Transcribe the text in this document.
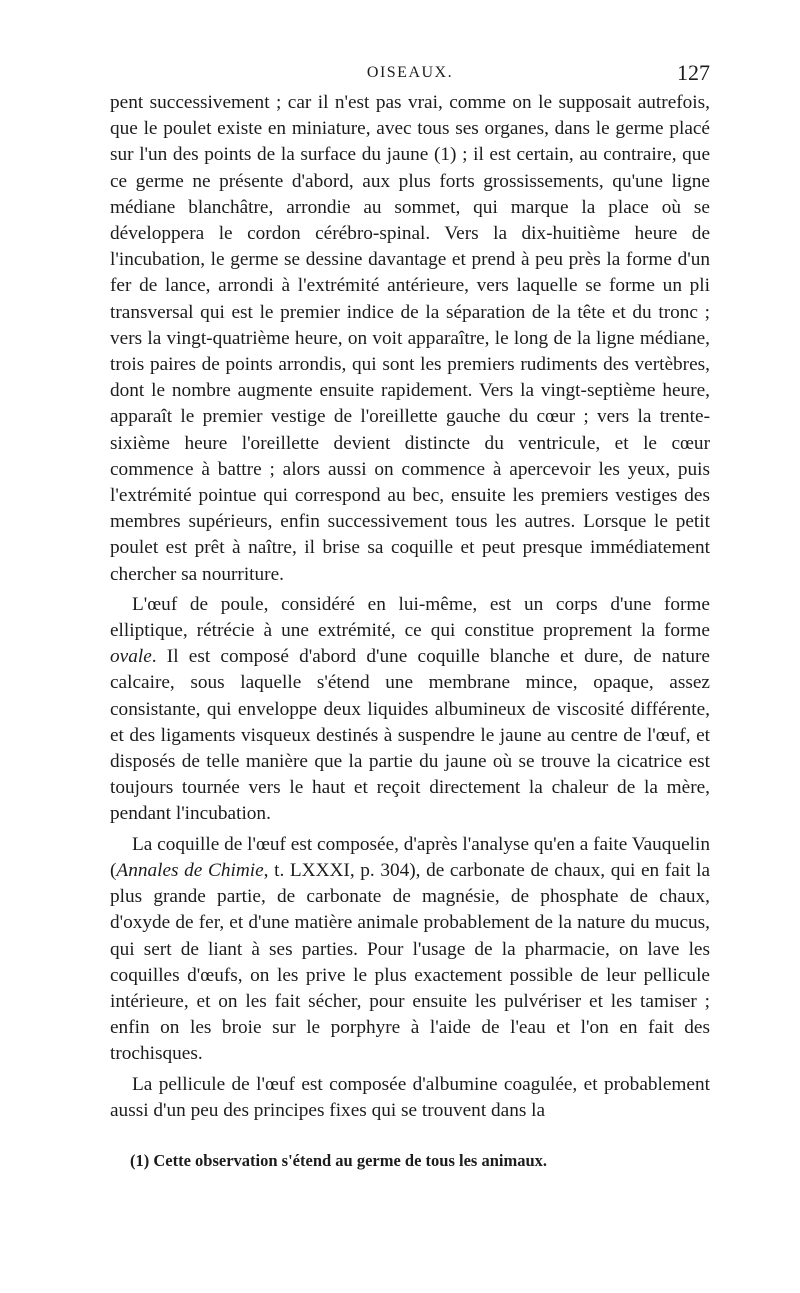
OISEAUX.	127

pent successivement ; car il n'est pas vrai, comme on le supposait autrefois, que le poulet existe en miniature, avec tous ses organes, dans le germe placé sur l'un des points de la surface du jaune (1) ; il est certain, au contraire, que ce germe ne présente d'abord, aux plus forts grossissements, qu'une ligne médiane blanchâtre, arrondie au sommet, qui marque la place où se développera le cordon cérébro-spinal. Vers la dix-huitième heure de l'incubation, le germe se dessine davantage et prend à peu près la forme d'un fer de lance, arrondi à l'extrémité antérieure, vers laquelle se forme un pli transversal qui est le premier indice de la séparation de la tête et du tronc ; vers la vingt-quatrième heure, on voit apparaître, le long de la ligne médiane, trois paires de points arrondis, qui sont les premiers rudiments des vertèbres, dont le nombre augmente ensuite rapidement. Vers la vingt-septième heure, apparaît le premier vestige de l'oreillette gauche du cœur ; vers la trente-sixième heure l'oreillette devient distincte du ventricule, et le cœur commence à battre ; alors aussi on commence à apercevoir les yeux, puis l'extrémité pointue qui correspond au bec, ensuite les premiers vestiges des membres supérieurs, enfin successivement tous les autres. Lorsque le petit poulet est prêt à naître, il brise sa coquille et peut presque immédiatement chercher sa nourriture.

L'œuf de poule, considéré en lui-même, est un corps d'une forme elliptique, rétrécie à une extrémité, ce qui constitue proprement la forme ovale. Il est composé d'abord d'une coquille blanche et dure, de nature calcaire, sous laquelle s'étend une membrane mince, opaque, assez consistante, qui enveloppe deux liquides albumineux de viscosité différente, et des ligaments visqueux destinés à suspendre le jaune au centre de l'œuf, et disposés de telle manière que la partie du jaune où se trouve la cicatrice est toujours tournée vers le haut et reçoit directement la chaleur de la mère, pendant l'incubation.

La coquille de l'œuf est composée, d'après l'analyse qu'en a faite Vauquelin (Annales de Chimie, t. LXXXI, p. 304), de carbonate de chaux, qui en fait la plus grande partie, de carbonate de magnésie, de phosphate de chaux, d'oxyde de fer, et d'une matière animale probablement de la nature du mucus, qui sert de liant à ses parties. Pour l'usage de la pharmacie, on lave les coquilles d'œufs, on les prive le plus exactement possible de leur pellicule intérieure, et on les fait sécher, pour ensuite les pulvériser et les tamiser ; enfin on les broie sur le porphyre à l'aide de l'eau et l'on en fait des trochisques.

La pellicule de l'œuf est composée d'albumine coagulée, et probablement aussi d'un peu des principes fixes qui se trouvent dans la

(1) Cette observation s'étend au germe de tous les animaux.
